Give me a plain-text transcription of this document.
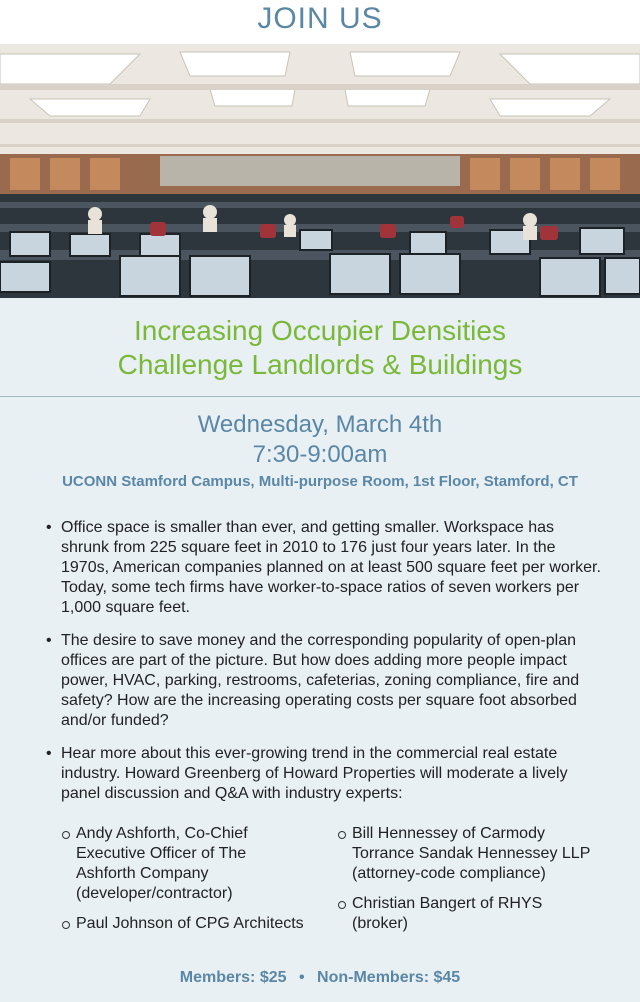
JOIN US
Increasing Occupier Densities
Challenge Landlords & Buildings
Wednesday, March 4th
7:30-9:00am
UCONN Stamford Campus, Multi-purpose Room, 1st Floor, Stamford, CT
• Office space is smaller than ever, and getting smaller. Workspace has shrunk from 225 square feet in 2010 to 176 just four years later. In the 1970s, American companies planned on at least 500 square feet per worker. Today, some tech firms have worker-to-space ratios of seven workers per 1,000 square feet.
• The desire to save money and the corresponding popularity of open-plan offices are part of the picture. But how does adding more people impact power, HVAC, parking, restrooms, cafeterias, zoning compliance, fire and safety? How are the increasing operating costs per square foot absorbed and/or funded?
• Hear more about this ever-growing trend in the commercial real estate industry. Howard Greenberg of Howard Properties will moderate a lively panel discussion and Q&A with industry experts:
Andy Ashforth, Co-Chief Executive Officer of The Ashforth Company (developer/contractor)
Paul Johnson of CPG Architects
Bill Hennessey of Carmody Torrance Sandak Hennessey LLP (attorney-code compliance)
Christian Bangert of RHYS (broker)
Members: $25 • Non-Members: $45
